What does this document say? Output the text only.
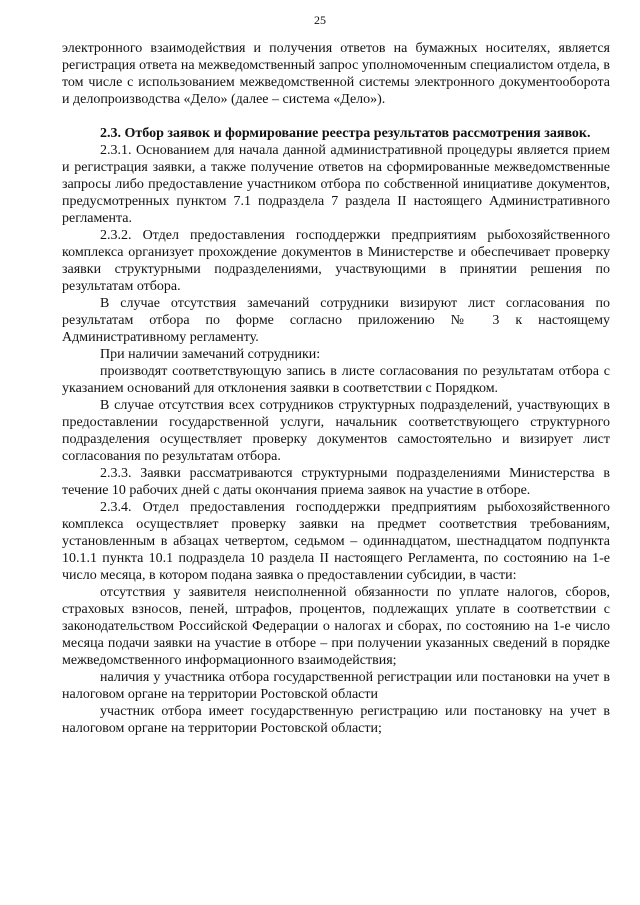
25

электронного взаимодействия и получения ответов на бумажных носителях, является регистрация ответа на межведомственный запрос уполномоченным специалистом отдела, в том числе с использованием межведомственной системы электронного документооборота и делопроизводства «Дело» (далее – система «Дело»).

2.3. Отбор заявок и формирование реестра результатов рассмотрения заявок.

2.3.1. Основанием для начала данной административной процедуры является прием и регистрация заявки, а также получение ответов на сформированные межведомственные запросы либо предоставление участником отбора по собственной инициативе документов, предусмотренных пунктом 7.1 подраздела 7 раздела II настоящего Административного регламента.

2.3.2. Отдел предоставления господдержки предприятиям рыбохозяйственного комплекса организует прохождение документов в Министерстве и обеспечивает проверку заявки структурными подразделениями, участвующими в принятии решения по результатам отбора.

В случае отсутствия замечаний сотрудники визируют лист согласования по результатам отбора по форме согласно приложению № 3 к настоящему Административному регламенту.

При наличии замечаний сотрудники:

производят соответствующую запись в листе согласования по результатам отбора с указанием оснований для отклонения заявки в соответствии с Порядком.

В случае отсутствия всех сотрудников структурных подразделений, участвующих в предоставлении государственной услуги, начальник соответствующего структурного подразделения осуществляет проверку документов самостоятельно и визирует лист согласования по результатам отбора.

2.3.3. Заявки рассматриваются структурными подразделениями Министерства в течение 10 рабочих дней с даты окончания приема заявок на участие в отборе.

2.3.4. Отдел предоставления господдержки предприятиям рыбохозяйственного комплекса осуществляет проверку заявки на предмет соответствия требованиям, установленным в абзацах четвертом, седьмом – одиннадцатом, шестнадцатом подпункта 10.1.1 пункта 10.1 подраздела 10 раздела II настоящего Регламента, по состоянию на 1-е число месяца, в котором подана заявка о предоставлении субсидии, в части:

отсутствия у заявителя неисполненной обязанности по уплате налогов, сборов, страховых взносов, пеней, штрафов, процентов, подлежащих уплате в соответствии с законодательством Российской Федерации о налогах и сборах, по состоянию на 1-е число месяца подачи заявки на участие в отборе – при получении указанных сведений в порядке межведомственного информационного взаимодействия;

наличия у участника отбора государственной регистрации или постановки на учет в налоговом органе на территории Ростовской области

участник отбора имеет государственную регистрацию или постановку на учет в налоговом органе на территории Ростовской области;
